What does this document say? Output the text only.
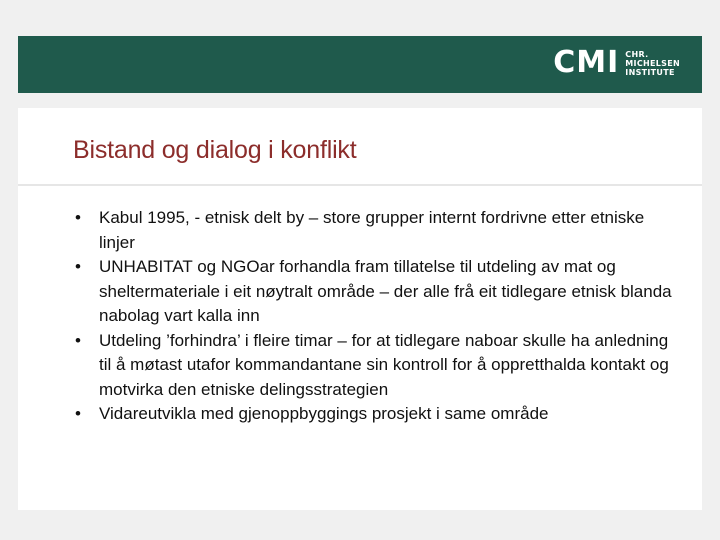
CMI CHR.
MICHELSEN
INSTITUTE
Bistand og dialog i konflikt
• Kabul 1995, - etnisk delt by – store grupper internt fordrivne etter etniske linjer
• UNHABITAT og NGOar forhandla fram tillatelse til utdeling av mat og sheltermateriale i eit nøytralt område – der alle frå eit tidlegare etnisk blanda nabolag vart kalla inn
• Utdeling ’forhindra’ i fleire timar – for at tidlegare naboar skulle ha anledning til å møtast utafor kommandantane sin kontroll for å oppretthalda kontakt og motvirka den etniske delingsstrategien
• Vidareutvikla med gjenoppbyggings prosjekt i same område
